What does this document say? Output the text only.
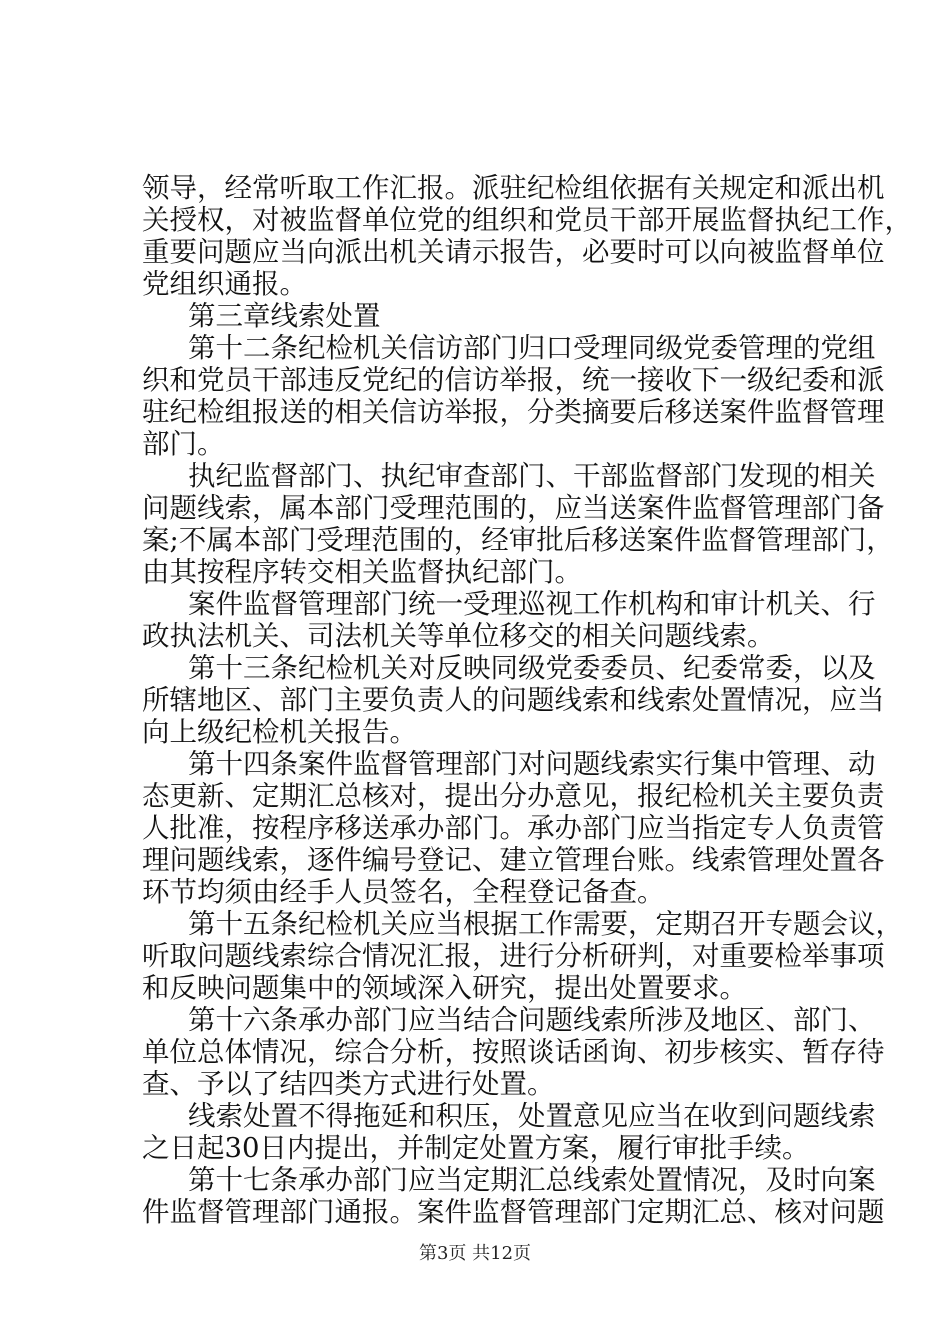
领导，经常听取工作汇报。派驻纪检组依据有关规定和派出机
关授权，对被监督单位党的组织和党员干部开展监督执纪工作，
重要问题应当向派出机关请示报告，必要时可以向被监督单位
党组织通报。
第三章线索处置
第十二条纪检机关信访部门归口受理同级党委管理的党组
织和党员干部违反党纪的信访举报，统一接收下一级纪委和派
驻纪检组报送的相关信访举报，分类摘要后移送案件监督管理
部门。
执纪监督部门、执纪审查部门、干部监督部门发现的相关
问题线索，属本部门受理范围的，应当送案件监督管理部门备
案;不属本部门受理范围的，经审批后移送案件监督管理部门，
由其按程序转交相关监督执纪部门。
案件监督管理部门统一受理巡视工作机构和审计机关、行
政执法机关、司法机关等单位移交的相关问题线索。
第十三条纪检机关对反映同级党委委员、纪委常委，以及
所辖地区、部门主要负责人的问题线索和线索处置情况，应当
向上级纪检机关报告。
第十四条案件监督管理部门对问题线索实行集中管理、动
态更新、定期汇总核对，提出分办意见，报纪检机关主要负责
人批准，按程序移送承办部门。承办部门应当指定专人负责管
理问题线索，逐件编号登记、建立管理台账。线索管理处置各
环节均须由经手人员签名，全程登记备查。
第十五条纪检机关应当根据工作需要，定期召开专题会议，
听取问题线索综合情况汇报，进行分析研判，对重要检举事项
和反映问题集中的领域深入研究，提出处置要求。
第十六条承办部门应当结合问题线索所涉及地区、部门、
单位总体情况，综合分析，按照谈话函询、初步核实、暂存待
查、予以了结四类方式进行处置。
线索处置不得拖延和积压，处置意见应当在收到问题线索
之日起30日内提出，并制定处置方案，履行审批手续。
第十七条承办部门应当定期汇总线索处置情况，及时向案
件监督管理部门通报。案件监督管理部门定期汇总、核对问题
第3页 共12页
